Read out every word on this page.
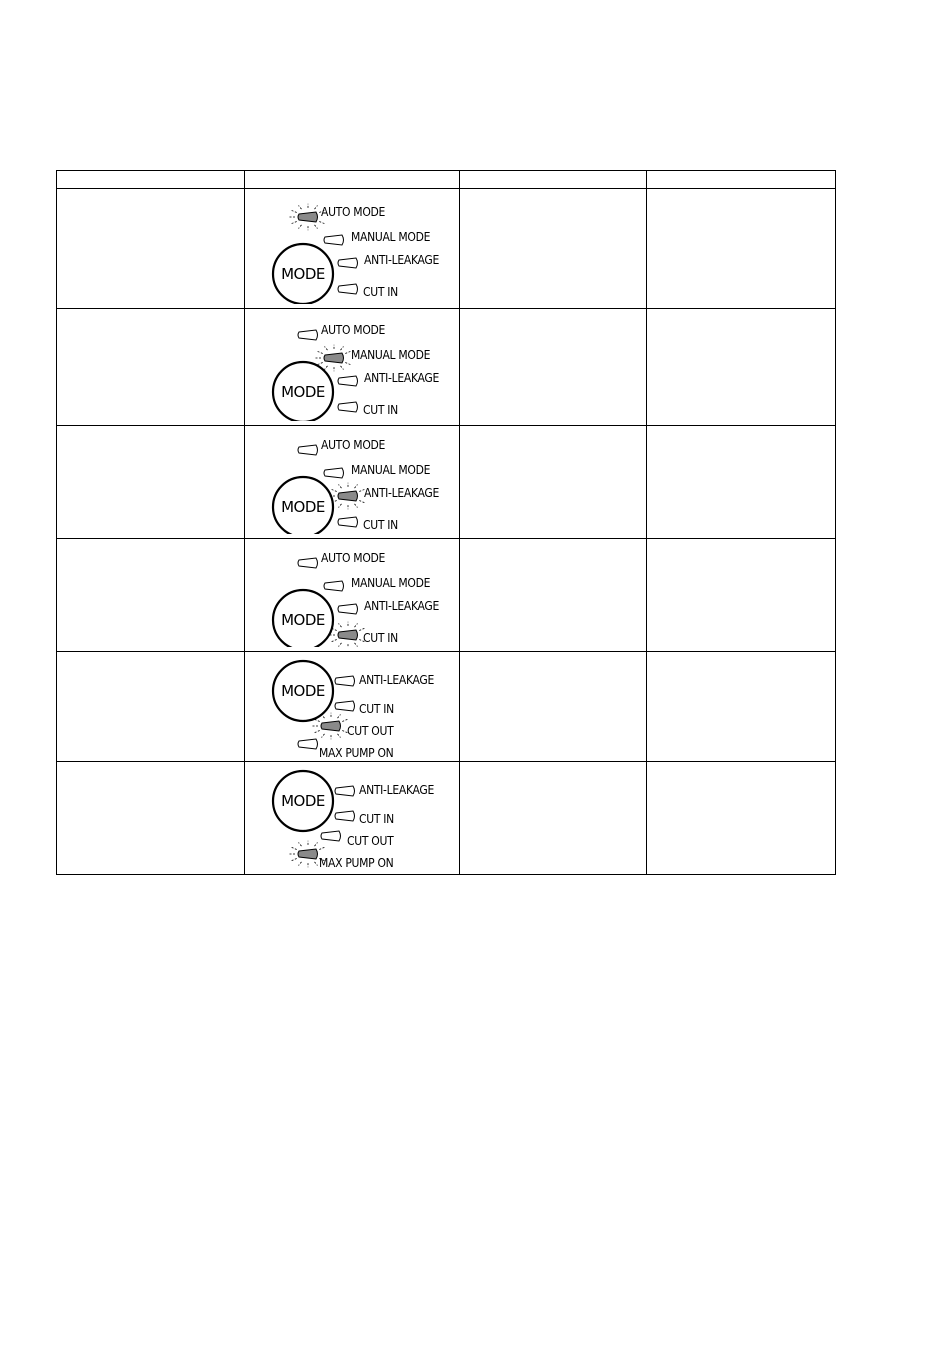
MODE
AUTO MODE
MANUAL MODE
ANTI-LEAKAGE
CUT IN		

MODE
AUTO MODE
MANUAL MODE
ANTI-LEAKAGE
CUT IN		

MODE
AUTO MODE
MANUAL MODE
ANTI-LEAKAGE
CUT IN		

MODE
AUTO MODE
MANUAL MODE
ANTI-LEAKAGE
CUT IN		

MODE
ANTI-LEAKAGE
CUT IN
CUT OUT
MAX PUMP ON		

MODE
ANTI-LEAKAGE
CUT IN
CUT OUT
MAX PUMP ON		
